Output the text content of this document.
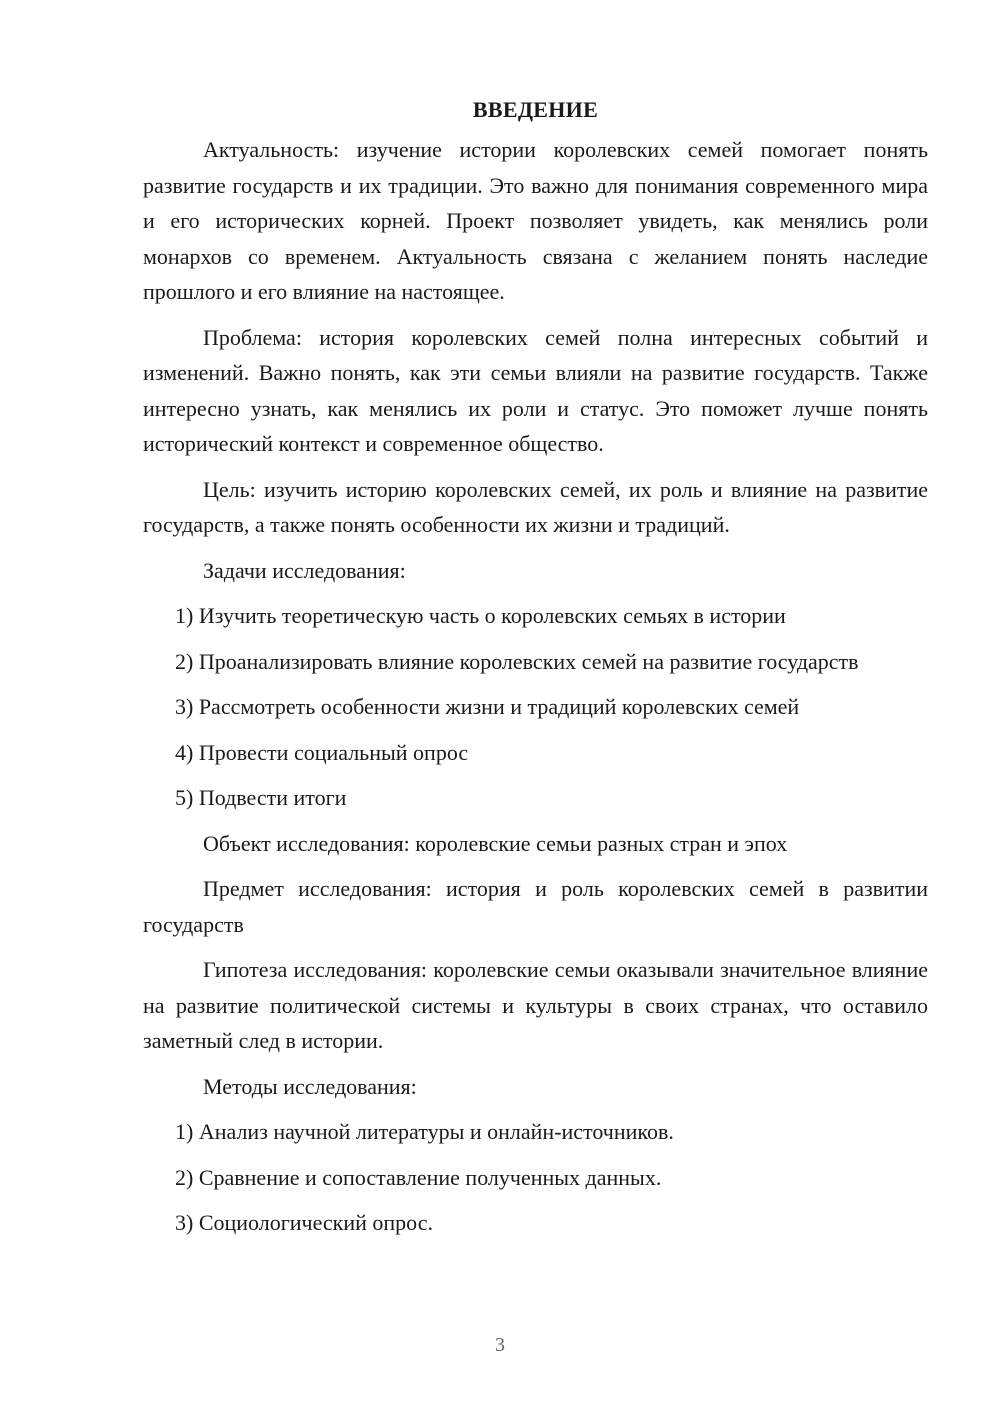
ВВЕДЕНИЕ

Актуальность: изучение истории королевских семей помогает понять развитие государств и их традиции. Это важно для понимания современного мира и его исторических корней. Проект позволяет увидеть, как менялись роли монархов со временем. Актуальность связана с желанием понять наследие прошлого и его влияние на настоящее.

Проблема: история королевских семей полна интересных событий и изменений. Важно понять, как эти семьи влияли на развитие государств. Также интересно узнать, как менялись их роли и статус. Это поможет лучше понять исторический контекст и современное общество.

Цель: изучить историю королевских семей, их роль и влияние на развитие государств, а также понять особенности их жизни и традиций.

Задачи исследования:

1) Изучить теоретическую часть о королевских семьях в истории

2) Проанализировать влияние королевских семей на развитие государств

3) Рассмотреть особенности жизни и традиций королевских семей

4) Провести социальный опрос

5) Подвести итоги

Объект исследования: королевские семьи разных стран и эпох

Предмет исследования: история и роль королевских семей в развитии государств

Гипотеза исследования: королевские семьи оказывали значительное влияние на развитие политической системы и культуры в своих странах, что оставило заметный след в истории.

Методы исследования:

1) Анализ научной литературы и онлайн-источников.

2) Сравнение и сопоставление полученных данных.

3) Социологический опрос.

3
